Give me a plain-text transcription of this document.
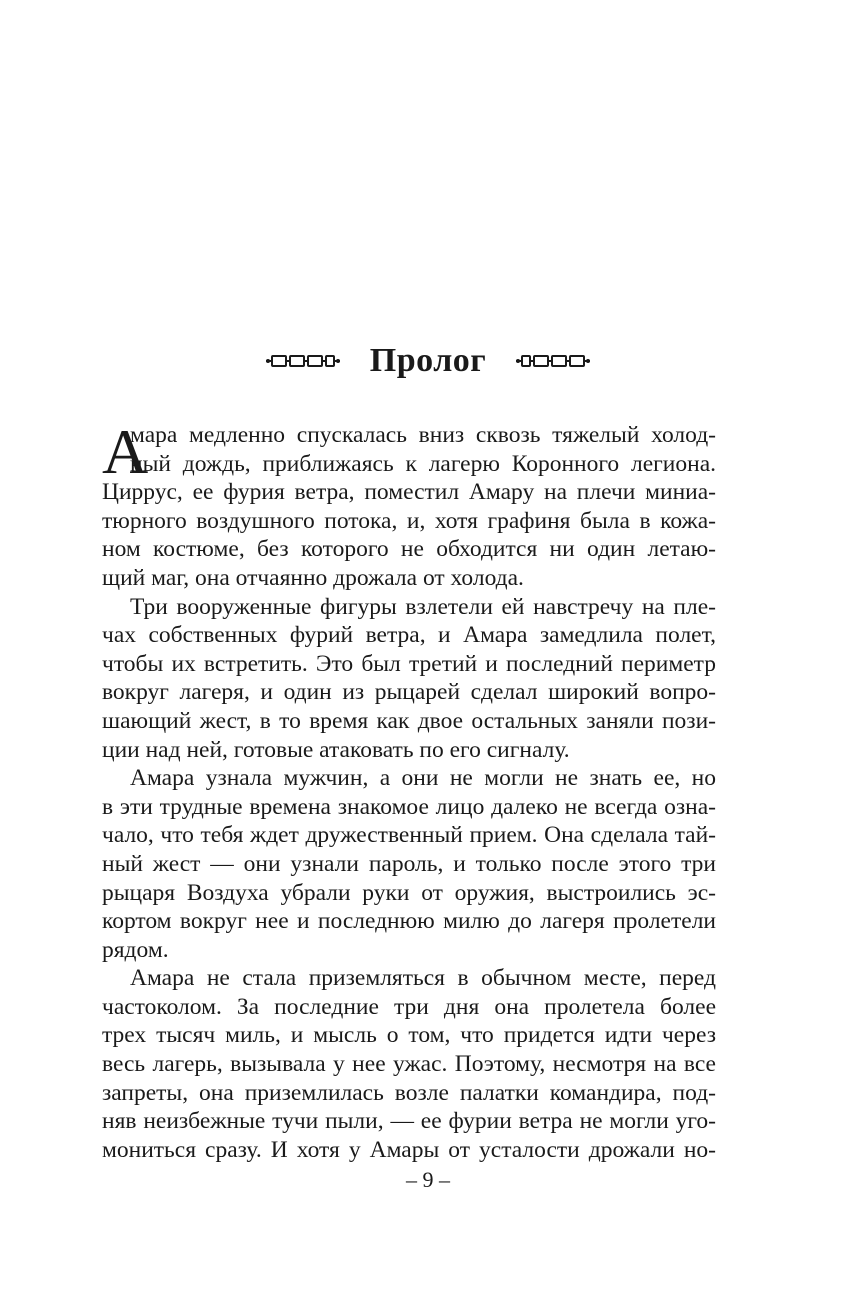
Пролог
А
мара медленно спускалась вниз сквозь тяжелый холод-
ный дождь, приближаясь к лагерю Коронного легиона.
Циррус, ее фурия ветра, поместил Амару на плечи миниа-
тюрного воздушного потока, и, хотя графиня была в кожа-
ном костюме, без которого не обходится ни один летаю-
щий маг, она отчаянно дрожала от холода.
Три вооруженные фигуры взлетели ей навстречу на пле-
чах собственных фурий ветра, и Амара замедлила полет,
чтобы их встретить. Это был третий и последний периметр
вокруг лагеря, и один из рыцарей сделал широкий вопро-
шающий жест, в то время как двое остальных заняли пози-
ции над ней, готовые атаковать по его сигналу.
Амара узнала мужчин, а они не могли не знать ее, но
в эти трудные времена знакомое лицо далеко не всегда озна-
чало, что тебя ждет дружественный прием. Она сделала тай-
ный жест — они узнали пароль, и только после этого три
рыцаря Воздуха убрали руки от оружия, выстроились эс-
кортом вокруг нее и последнюю милю до лагеря пролетели
рядом.
Амара не стала приземляться в обычном месте, перед
частоколом. За последние три дня она пролетела более
трех тысяч миль, и мысль о том, что придется идти через
весь лагерь, вызывала у нее ужас. Поэтому, несмотря на все
запреты, она приземлилась возле палатки командира, под-
няв неизбежные тучи пыли, — ее фурии ветра не могли уго-
мониться сразу. И хотя у Амары от усталости дрожали но-
– 9 –
